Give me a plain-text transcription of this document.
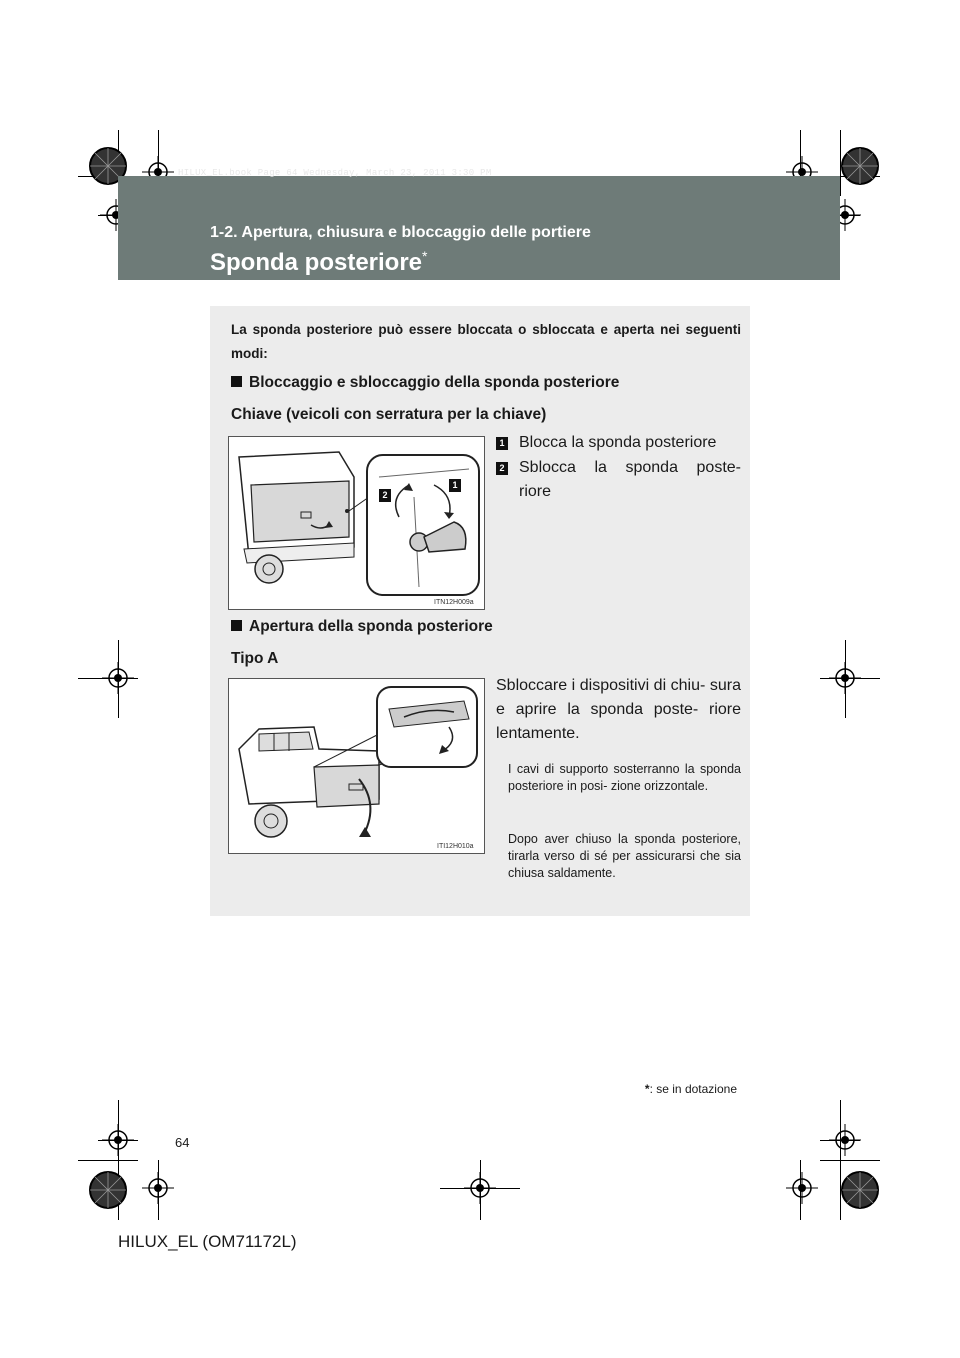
HILUX_EL.book Page 64 Wednesday, March 23, 2011 3:30 PM
1-2. Apertura, chiusura e bloccaggio delle portiere
Sponda posteriore*
La sponda posteriore può essere bloccata o sbloccata e aperta nei seguenti modi:
Bloccaggio e sbloccaggio della sponda posteriore
Chiave (veicoli con serratura per la chiave)
2
1
ITN12H009a
1 Blocca la sponda posteriore
2 Sblocca la sponda poste-
riore
Apertura della sponda posteriore
Tipo A
ITI12H010a
Sbloccare i dispositivi di chiu- sura e aprire la sponda poste- riore lentamente.
I cavi di supporto sosterranno la sponda posteriore in posi- zione orizzontale.
Dopo aver chiuso la sponda posteriore, tirarla verso di sé per assicurarsi che sia chiusa saldamente.
*: se in dotazione
64
HILUX_EL (OM71172L)
